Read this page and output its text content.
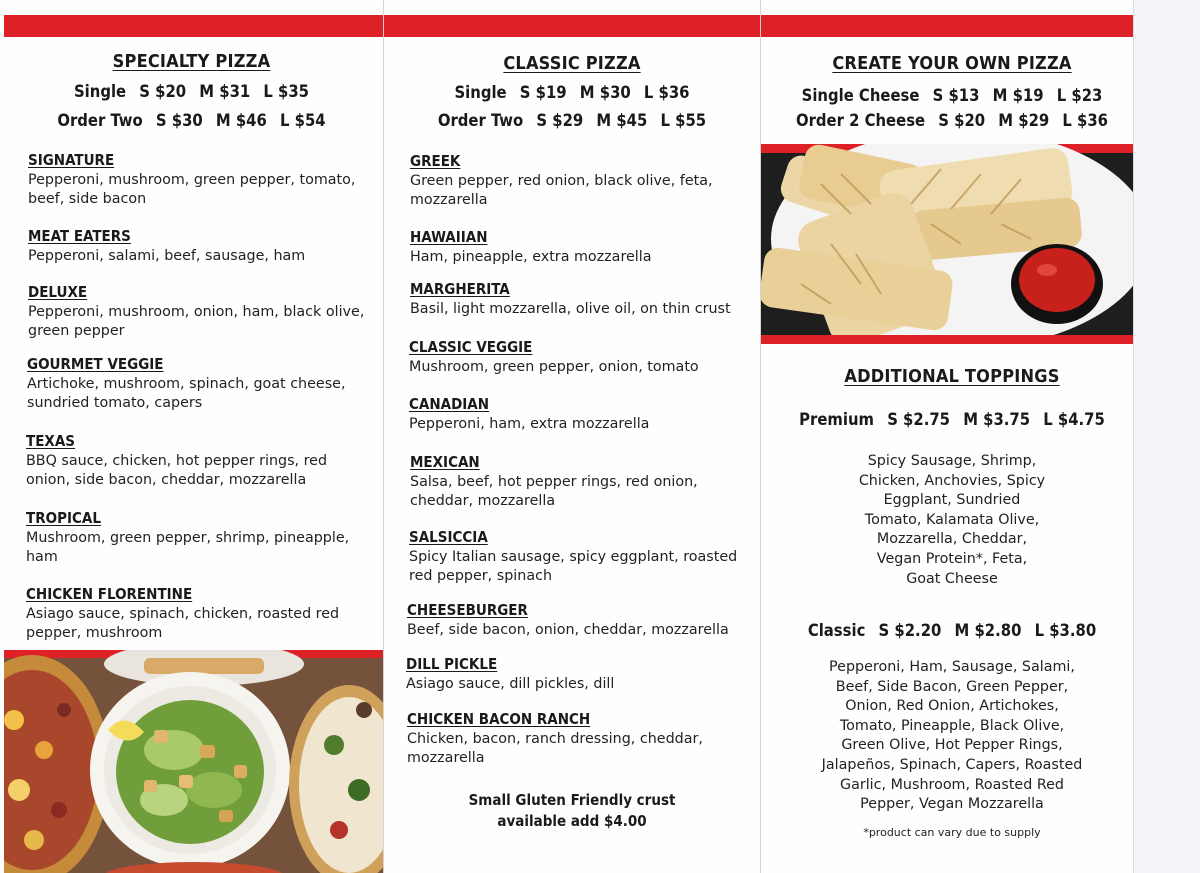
SPECIALTY PIZZA
Single S $20 M $31 L $35
Order Two S $30 M $46 L $54
SIGNATURE
Pepperoni, mushroom, green pepper, tomato, beef, side bacon
MEAT EATERS
Pepperoni, salami, beef, sausage, ham
DELUXE
Pepperoni, mushroom, onion, ham, black olive, green pepper
GOURMET VEGGIE
Artichoke, mushroom, spinach, goat cheese, sundried tomato, capers
TEXAS
BBQ sauce, chicken, hot pepper rings, red onion, side bacon, cheddar, mozzarella
TROPICAL
Mushroom, green pepper, shrimp, pineapple, ham
CHICKEN FLORENTINE
Asiago sauce, spinach, chicken, roasted red pepper, mushroom
CLASSIC PIZZA
Single S $19 M $30 L $36
Order Two S $29 M $45 L $55
GREEK
Green pepper, red onion, black olive, feta, mozzarella
HAWAIIAN
Ham, pineapple, extra mozzarella
MARGHERITA
Basil, light mozzarella, olive oil, on thin crust
CLASSIC VEGGIE
Mushroom, green pepper, onion, tomato
CANADIAN
Pepperoni, ham, extra mozzarella
MEXICAN
Salsa, beef, hot pepper rings, red onion, cheddar, mozzarella
SALSICCIA
Spicy Italian sausage, spicy eggplant, roasted red pepper, spinach
CHEESEBURGER
Beef, side bacon, onion, cheddar, mozzarella
DILL PICKLE
Asiago sauce, dill pickles, dill
CHICKEN BACON RANCH
Chicken, bacon, ranch dressing, cheddar, mozzarella
Small Gluten Friendly crust
available add $4.00
CREATE YOUR OWN PIZZA
Single Cheese S $13 M $19 L $23
Order 2 Cheese S $20 M $29 L $36
ADDITIONAL TOPPINGS
Premium S $2.75 M $3.75 L $4.75
Spicy Sausage, Shrimp,
Chicken, Anchovies, Spicy
Eggplant, Sundried
Tomato, Kalamata Olive,
Mozzarella, Cheddar,
Vegan Protein*, Feta,
Goat Cheese
Classic S $2.20 M $2.80 L $3.80
Pepperoni, Ham, Sausage, Salami,
Beef, Side Bacon, Green Pepper,
Onion, Red Onion, Artichokes,
Tomato, Pineapple, Black Olive,
Green Olive, Hot Pepper Rings,
Jalapeños, Spinach, Capers, Roasted
Garlic, Mushroom, Roasted Red
Pepper, Vegan Mozzarella
*product can vary due to supply
